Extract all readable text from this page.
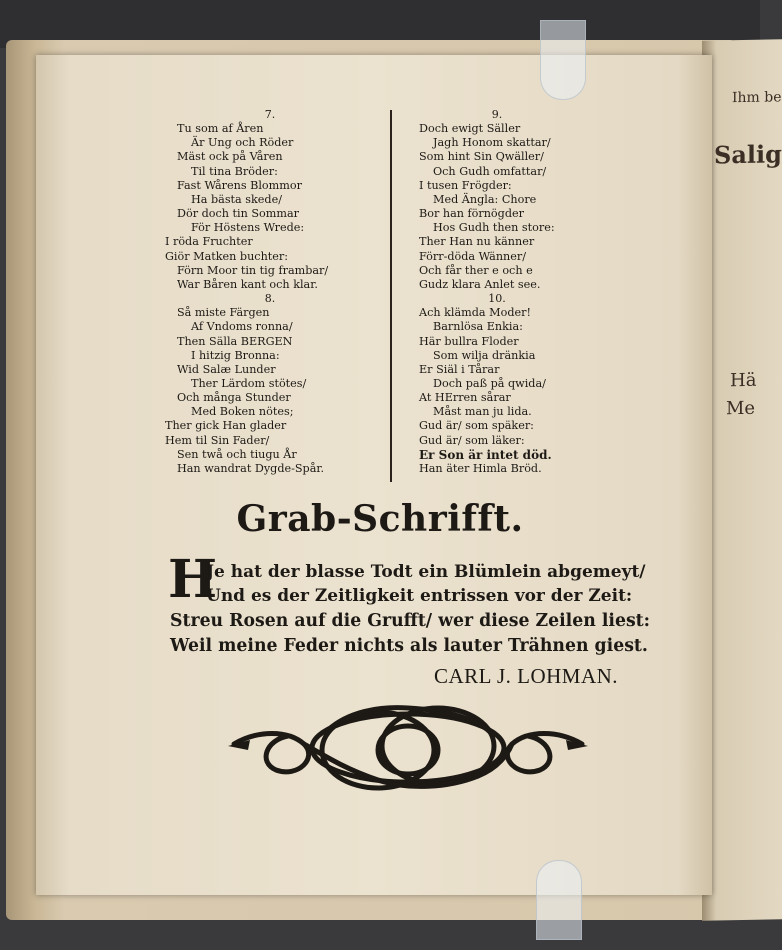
Ihm be
Salig
Hä
Me
7.
Tu som af Åren
Är Ung och Röder
Mäst ock på Våren
Til tina Bröder:
Fast Wårens Blommor
Ha bästa skede/
Dör doch tin Sommar
För Höstens Wrede:
I röda Fruchter
Giör Matken buchter:
Förn Moor tin tig frambar/
War Båren kant och klar.
8.
Så miste Färgen
Af Vndoms ronna/
Then Sälla BERGEN
I hitzig Bronna:
Wid Salæ Lunder
Ther Lärdom stötes/
Och många Stunder
Med Boken nötes;
Ther gick Han glader
Hem til Sin Fader/
Sen twå och tiugu År
Han wandrat Dygde-Spår.
9.
Doch ewigt Säller
Jagh Honom skattar/
Som hint Sin Qwäller/
Och Gudh omfattar/
I tusen Frögder:
Med Ängla: Chore
Bor han förnögder
Hos Gudh then store:
Ther Han nu känner
Förr-döda Wänner/
Och får ther e och e
Gudz klara Anlet see.
10.
Ach klämda Moder!
Barnlösa Enkia:
Här bullra Floder
Som wilja dränkia
Er Siäl i Tårar
Doch paß på qwida/
At HErren sårar
Måst man ju lida.
Gud är/ som späker:
Gud är/ som läker:
Er Son är intet död.
Han äter Himla Bröd.
Grab-Schrifft.
H
Je hat der blasse Todt ein Blümlein abgemeyt/
Und es der Zeitligkeit entrissen vor der Zeit:
Streu Rosen auf die Grufft/ wer diese Zeilen liest:
Weil meine Feder nichts als lauter Trähnen giest.
CARL J. LOHMAN.
